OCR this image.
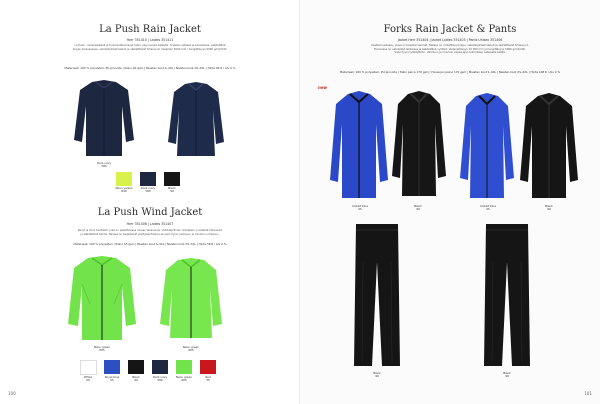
La Push Rain Jacket
Herr 351410 | Ladies 351411
La Push - vedenkestävä ja tuulenpitävä kevyt takki, joka suojaa sateelta. Tuuletus selässä ja kainaloissa, säädettävä
huppu kauluksessa, vetoketjulliset taskut ja säädettävät hihansuut. Vesipilari 5000 mm / hengittävyys 5000 g/m2/24h.
Materiaali: 100 % polyesteri, PU-pinnoite | Paino 90 gsm | Miesten koot S–4XL | Naisten koot XS–XXL | Hinta 84 € / Alv 0 %
Dark navy
580
Neon yellow
640
Dark navy
580
Black
99
La Push Wind Jacket
Herr 351406 | Ladies 351407
Kevyt ja ohut tuulitakki, joka on pakattavissa omaan taskuunsa. Vetoketjullinen rintatasku, joustavat hihansuut
ja säädettävä helma. Takissa on heijastavat yksityiskohdat ja se sopii hyvin juoksuun ja muuhun urheiluun.
Materiaali: 100 % polyesteri | Paino 65 gsm | Miesten koot S–4XL | Naisten koot XS–XXL | Hinta 58 € / Alv 0 %
Neon green
605
Neon green
605
White
00
Royal blue
55
Black
99
Dark navy
580
Neon green
605
Red
35
100
Forks Rain Jacket & Pants
Jacket Herr 351404 | Jacket Ladies 351405 | Pants Unisex 351406
Kestävä sadeasu, jossa on teipatut saumat. Takissa on irrotettava huppu, vetoketjulliset taskut ja säädettävät hihansuut.
Housuissa on vetoketjut lahkeissa ja säädettävä vyötärö. Vedenpitävyys 10 000 mm ja hengittävyys 5000 g/m2/24h.
Sopii hyvin työkäyttöön, ulkoiluun ja muuhun vapaa-ajan toimintaan sateisella säällä.
Materiaali: 100 % polyesteri, PU-pinnoite | Takin paino 170 gsm | Housujen paino 170 gsm | Miesten koot S–4XL | Naisten koot XS–XXL | Hinta 108 € / Alv 0 %
new
Cobalt blue
55
Black
99
Cobalt blue
55
Black
99
Black
99
Black
99
101
